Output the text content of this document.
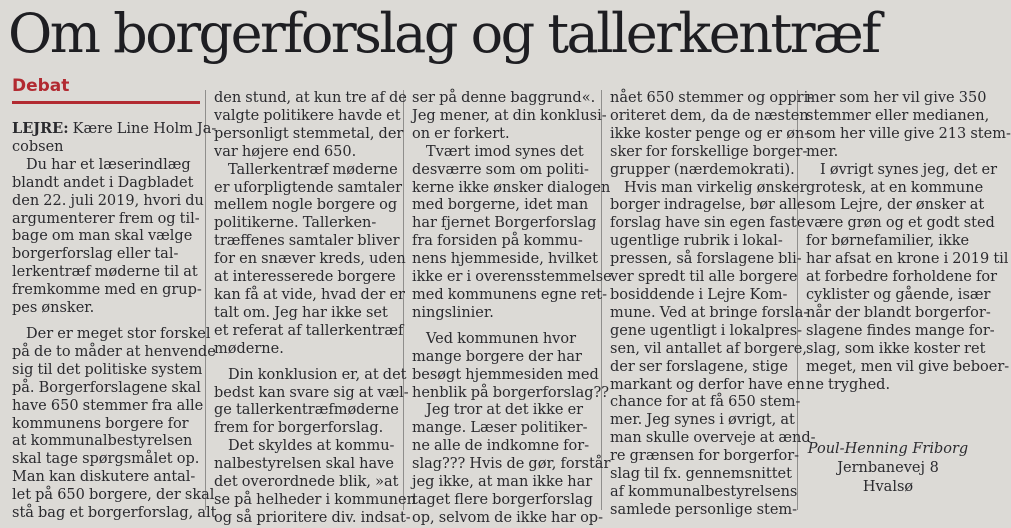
Om borgerforslag og tallerkentræf
Debat

LEJRE: Kære Line Holm Ja-

cobsen

Du har et læserindlæg

blandt andet i Dagbladet

den 22. juli 2019, hvori du

argumenterer frem og til-

bage om man skal vælge

borgerforslag eller tal-

lerkentræf møderne til at

fremkomme med en grup-

pes ønsker.

Der er meget stor forskel

på de to måder at henvende

sig til det politiske system

på. Borgerforslagene skal

have 650 stemmer fra alle

kommunens borgere for

at kommunalbestyrelsen

skal tage spørgsmålet op.

Man kan diskutere antal-

let på 650 borgere, der skal

stå bag et borgerforslag, alt

den stund, at kun tre af de

valgte politikere havde et

personligt stemmetal, der

var højere end 650.

Tallerkentræf møderne

er uforpligtende samtaler

mellem nogle borgere og

politikerne. Tallerken-

træffenes samtaler bliver

for en snæver kreds, uden

at interesserede borgere

kan få at vide, hvad der er

talt om. Jeg har ikke set

et referat af tallerkentræf

møderne.

Din konklusion er, at det

bedst kan svare sig at væl-

ge tallerkentræfmøderne

frem for borgerforslag.

Det skyldes at kommu-

nalbestyrelsen skal have

det overordnede blik, »at

se på helheder i kommunen

og så prioritere div. indsat-

ser på denne baggrund«.

Jeg mener, at din konklusi-

on er forkert.

Tvært imod synes det

desværre som om politi-

kerne ikke ønsker dialogen

med borgerne, idet man

har fjernet Borgerforslag

fra forsiden på kommu-

nens hjemmeside, hvilket

ikke er i overensstemmelse

med kommunens egne ret-

ningslinier.

Ved kommunen hvor

mange borgere der har

besøgt hjemmesiden med

henblik på borgerforslag??

Jeg tror at det ikke er

mange. Læser politiker-

ne alle de indkomne for-

slag??? Hvis de gør, forstår

jeg ikke, at man ikke har

taget flere borgerforslag

op, selvom de ikke har op-

nået 650 stemmer og oppri-

oriteret dem, da de næsten

ikke koster penge og er øn-

sker for forskellige borger-

grupper (nærdemokrati).

Hvis man virkelig ønsker

borger indragelse, bør alle

forslag have sin egen faste

ugentlige rubrik i lokal-

pressen, så forslagene bli-

ver spredt til alle borgere

bosiddende i Lejre Kom-

mune. Ved at bringe forsla-

gene ugentligt i lokalpres-

sen, vil antallet af borgere,

der ser forslagene, stige

markant og derfor have en

chance for at få 650 stem-

mer. Jeg synes i øvrigt, at

man skulle overveje at ænd-

re grænsen for borgerfor-

slag til fx. gennemsnittet

af kommunalbestyrelsens

samlede personlige stem-

mer som her vil give 350

stemmer eller medianen,

som her ville give 213 stem-

mer.

I øvrigt synes jeg, det er

grotesk, at en kommune

som Lejre, der ønsker at

være grøn og et godt sted

for børnefamilier, ikke

har afsat en krone i 2019 til

at forbedre forholdene for

cyklister og gående, især

når der blandt borgerfor-

slagene findes mange for-

slag, som ikke koster ret

meget, men vil give beboer-

ne tryghed.

Poul-Henning Friborg

Jernbanevej 8

Hvalsø
